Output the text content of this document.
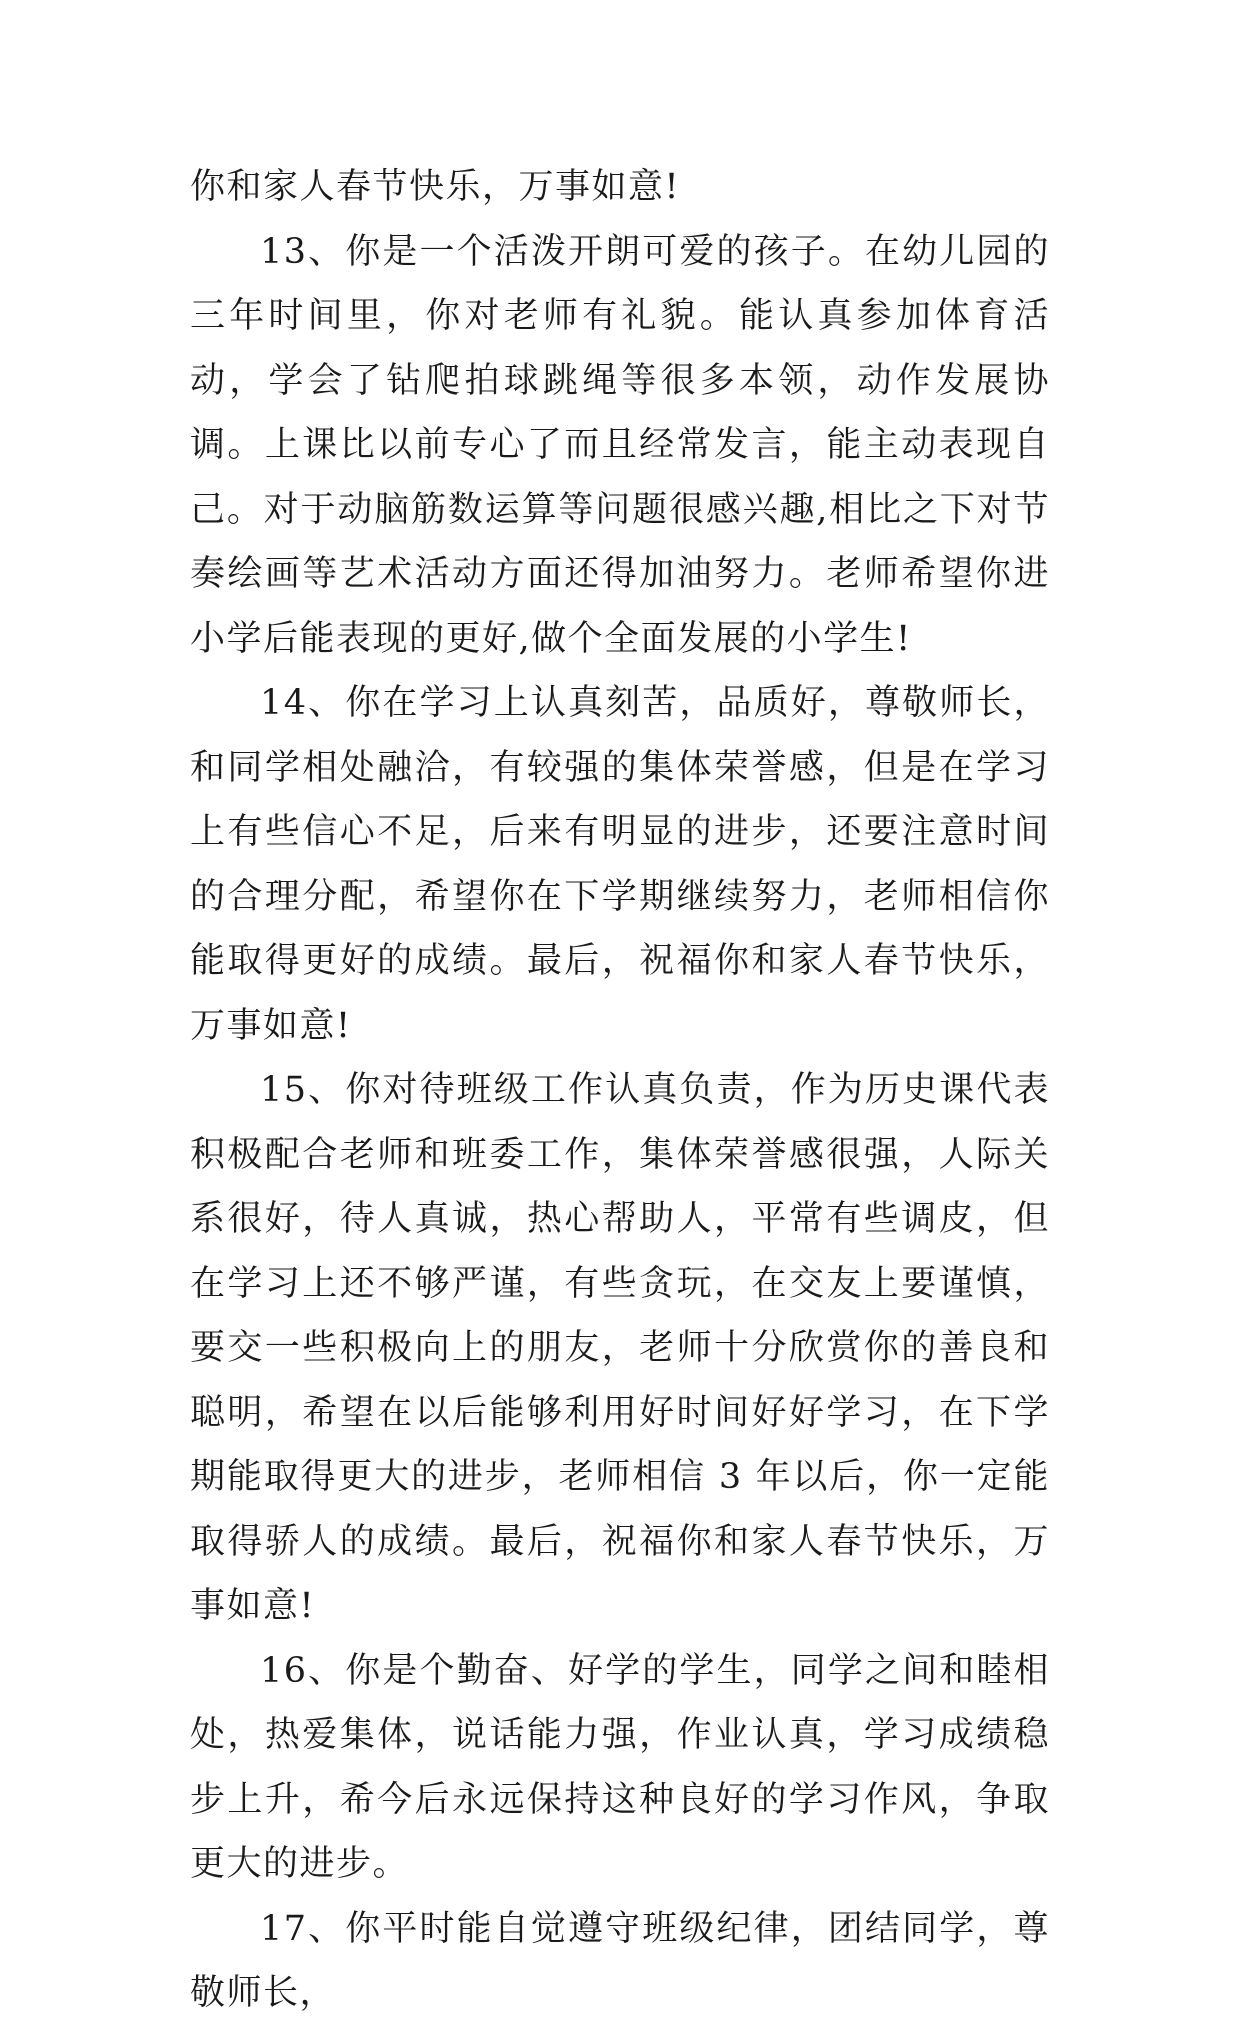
你和家人春节快乐，万事如意!

13、你是一个活泼开朗可爱的孩子。在幼儿园的三年时间里，你对老师有礼貌。能认真参加体育活动，学会了钻爬拍球跳绳等很多本领，动作发展协调。上课比以前专心了而且经常发言，能主动表现自己。对于动脑筋数运算等问题很感兴趣,相比之下对节奏绘画等艺术活动方面还得加油努力。老师希望你进小学后能表现的更好,做个全面发展的小学生!

14、你在学习上认真刻苦，品质好，尊敬师长，和同学相处融洽，有较强的集体荣誉感，但是在学习上有些信心不足，后来有明显的进步，还要注意时间的合理分配，希望你在下学期继续努力，老师相信你能取得更好的成绩。最后，祝福你和家人春节快乐，万事如意!

15、你对待班级工作认真负责，作为历史课代表积极配合老师和班委工作，集体荣誉感很强，人际关系很好，待人真诚，热心帮助人，平常有些调皮，但在学习上还不够严谨，有些贪玩，在交友上要谨慎，要交一些积极向上的朋友，老师十分欣赏你的善良和聪明，希望在以后能够利用好时间好好学习，在下学期能取得更大的进步，老师相信 3 年以后，你一定能取得骄人的成绩。最后，祝福你和家人春节快乐，万事如意!

16、你是个勤奋、好学的学生，同学之间和睦相处，热爱集体，说话能力强，作业认真，学习成绩稳步上升，希今后永远保持这种良好的学习作风，争取更大的进步。

17、你平时能自觉遵守班级纪律，团结同学，尊敬师长，
